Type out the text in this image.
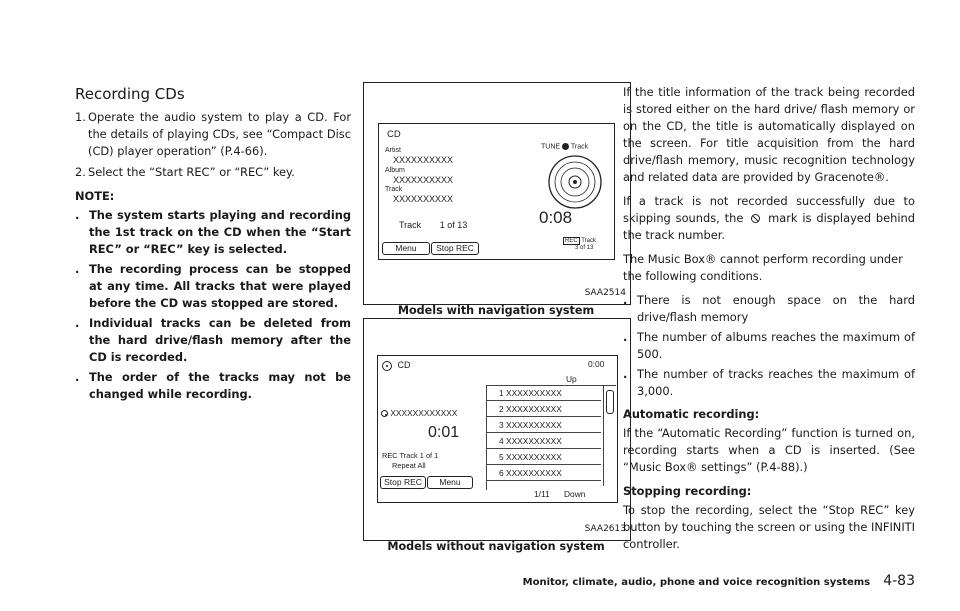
Recording CDs
1. Operate the audio system to play a CD. For the details of playing CDs, see “Compact Disc (CD) player operation” (P.4-66).
2. Select the “Start REC” or “REC” key.
NOTE:
. The system starts playing and recording the 1st track on the CD when the “Start REC” or “REC” key is selected.
. The recording process can be stopped at any time. All tracks that were played before the CD was stopped are stored.
. Individual tracks can be deleted from the hard drive/flash memory after the CD is recorded.
. The order of the tracks may not be changed while recording.
CD
Artist
XXXXXXXXXX
Album
XXXXXXXXXX
Track
XXXXXXXXXX
TUNE Track
Track 1 of 13	0:08
Menu	Stop REC
REC Track
3 of 13
SAA2514
Models with navigation system
CD	0:00
Up
1 XXXXXXXXXX
2 XXXXXXXXXX
3 XXXXXXXXXX
4 XXXXXXXXXX
5 XXXXXXXXXX
6 XXXXXXXXXX
XXXXXXXXXXXX
0:01
REC Track 1 of 1
Repeat All
Stop REC	Menu
1/11 Down
SAA2613
Models without navigation system

If the title information of the track being recorded is stored either on the hard drive/ flash memory or on the CD, the title is automatically displayed on the screen. For title acquisition from the hard drive/flash memory, music recognition technology and related data are provided by Gracenote®.

If a track is not recorded successfully due to skipping sounds, the mark is displayed behind the track number.

The Music Box® cannot perform recording under the following conditions.

. There is not enough space on the hard drive/flash memory
. The number of albums reaches the maximum of 500.
. The number of tracks reaches the maximum of 3,000.

Automatic recording:

If the “Automatic Recording” function is turned on, recording starts when a CD is inserted. (See “Music Box® settings” (P.4-88).)

Stopping recording:

To stop the recording, select the “Stop REC” key button by touching the screen or using the INFINITI controller.

Monitor, climate, audio, phone and voice recognition systems 4-83
